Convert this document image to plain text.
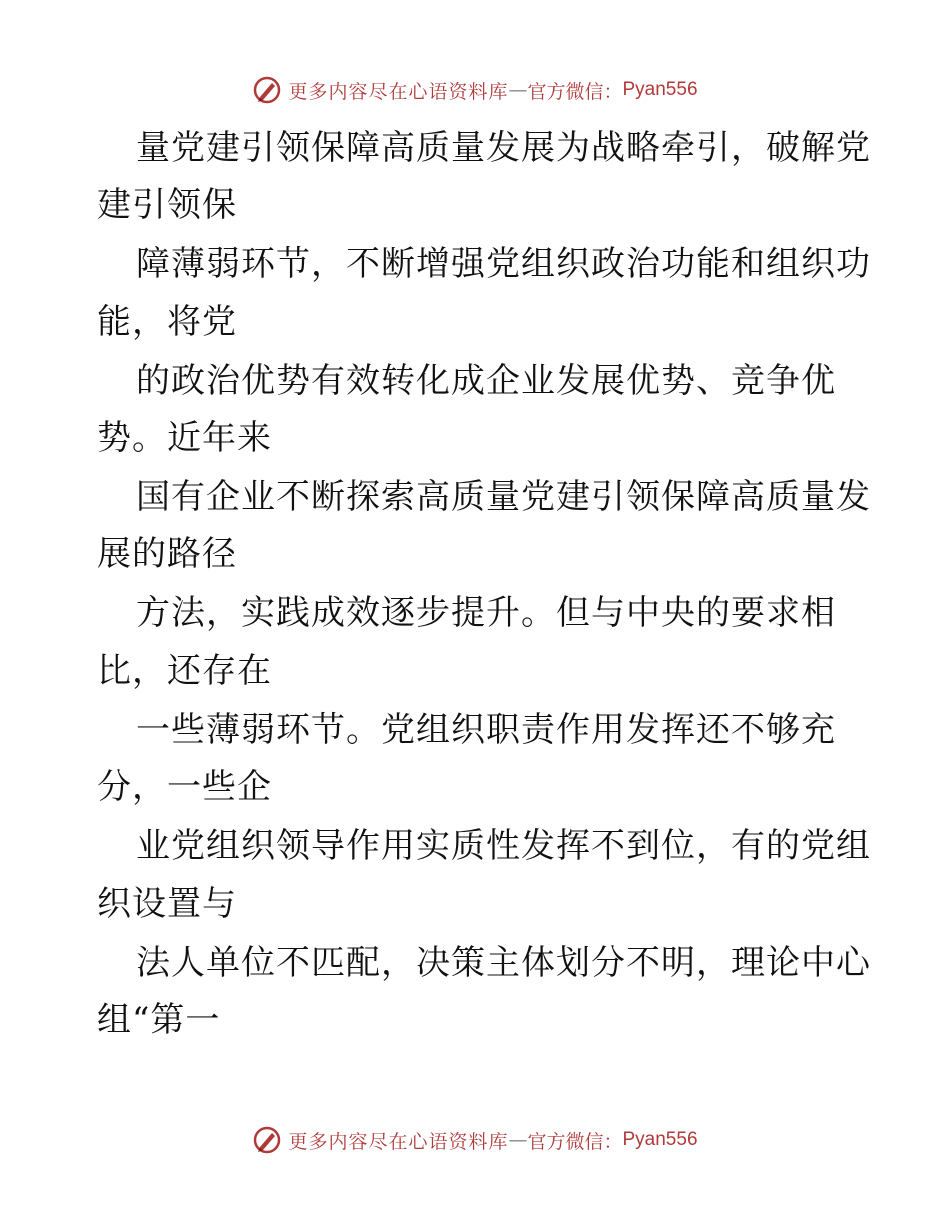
更多内容尽在心语资料库 — 官方微信： Pyan556
量党建引领保障高质量发展为战略牵引，破解党
建引领保
障薄弱环节，不断增强党组织政治功能和组织功
能，将党
的政治优势有效转化成企业发展优势、竞争优
势。近年来
国有企业不断探索高质量党建引领保障高质量发
展的路径
方法，实践成效逐步提升。但与中央的要求相
比，还存在
一些薄弱环节。党组织职责作用发挥还不够充
分，一些企
业党组织领导作用实质性发挥不到位，有的党组
织设置与
法人单位不匹配，决策主体划分不明，理论中心
组“第一
更多内容尽在心语资料库 — 官方微信： Pyan556
